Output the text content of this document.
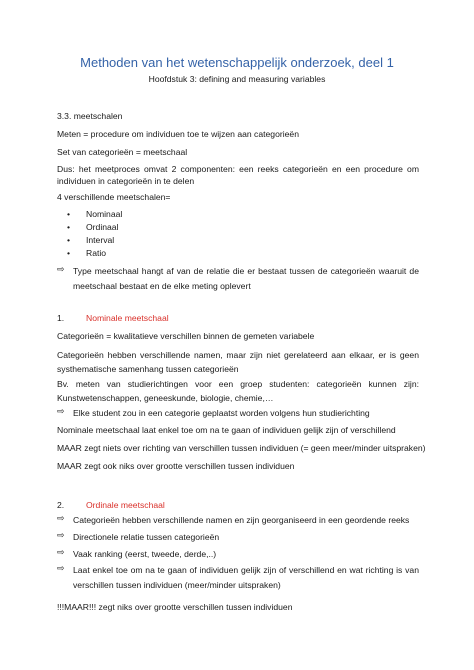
Methoden van het wetenschappelijk onderzoek, deel 1
Hoofdstuk 3: defining and measuring variables
3.3. meetschalen
Meten = procedure om individuen toe te wijzen aan categorieën
Set van categorieën = meetschaal
Dus: het meetproces omvat 2 componenten: een reeks categorieën en een procedure om individuen in categorieën in te delen
4 verschillende meetschalen=
• Nominaal
• Ordinaal
• Interval
• Ratio
⇨ Type meetschaal hangt af van de relatie die er bestaat tussen de categorieën waaruit de meetschaal bestaat en de elke meting oplevert
1.	Nominale meetschaal
Categorieën = kwalitatieve verschillen binnen de gemeten variabele
Categorieën hebben verschillende namen, maar zijn niet gerelateerd aan elkaar, er is geen systhematische samenhang tussen categorieën
Bv. meten van studierichtingen voor een groep studenten: categorieën kunnen zijn: Kunstwetenschappen, geneeskunde, biologie, chemie,…
⇨ Elke student zou in een categorie geplaatst worden volgens hun studierichting
Nominale meetschaal laat enkel toe om na te gaan of individuen gelijk zijn of verschillend
MAAR zegt niets over richting van verschillen tussen individuen (= geen meer/minder uitspraken)
MAAR zegt ook niks over grootte verschillen tussen individuen
2.	Ordinale meetschaal
⇨ Categorieën hebben verschillende namen en zijn georganiseerd in een geordende reeks
⇨ Directionele relatie tussen categorieën
⇨ Vaak ranking (eerst, tweede, derde,..)
⇨ Laat enkel toe om na te gaan of individuen gelijk zijn of verschillend en wat richting is van verschillen tussen individuen (meer/minder uitspraken)
!!!MAAR!!! zegt niks over grootte verschillen tussen individuen
